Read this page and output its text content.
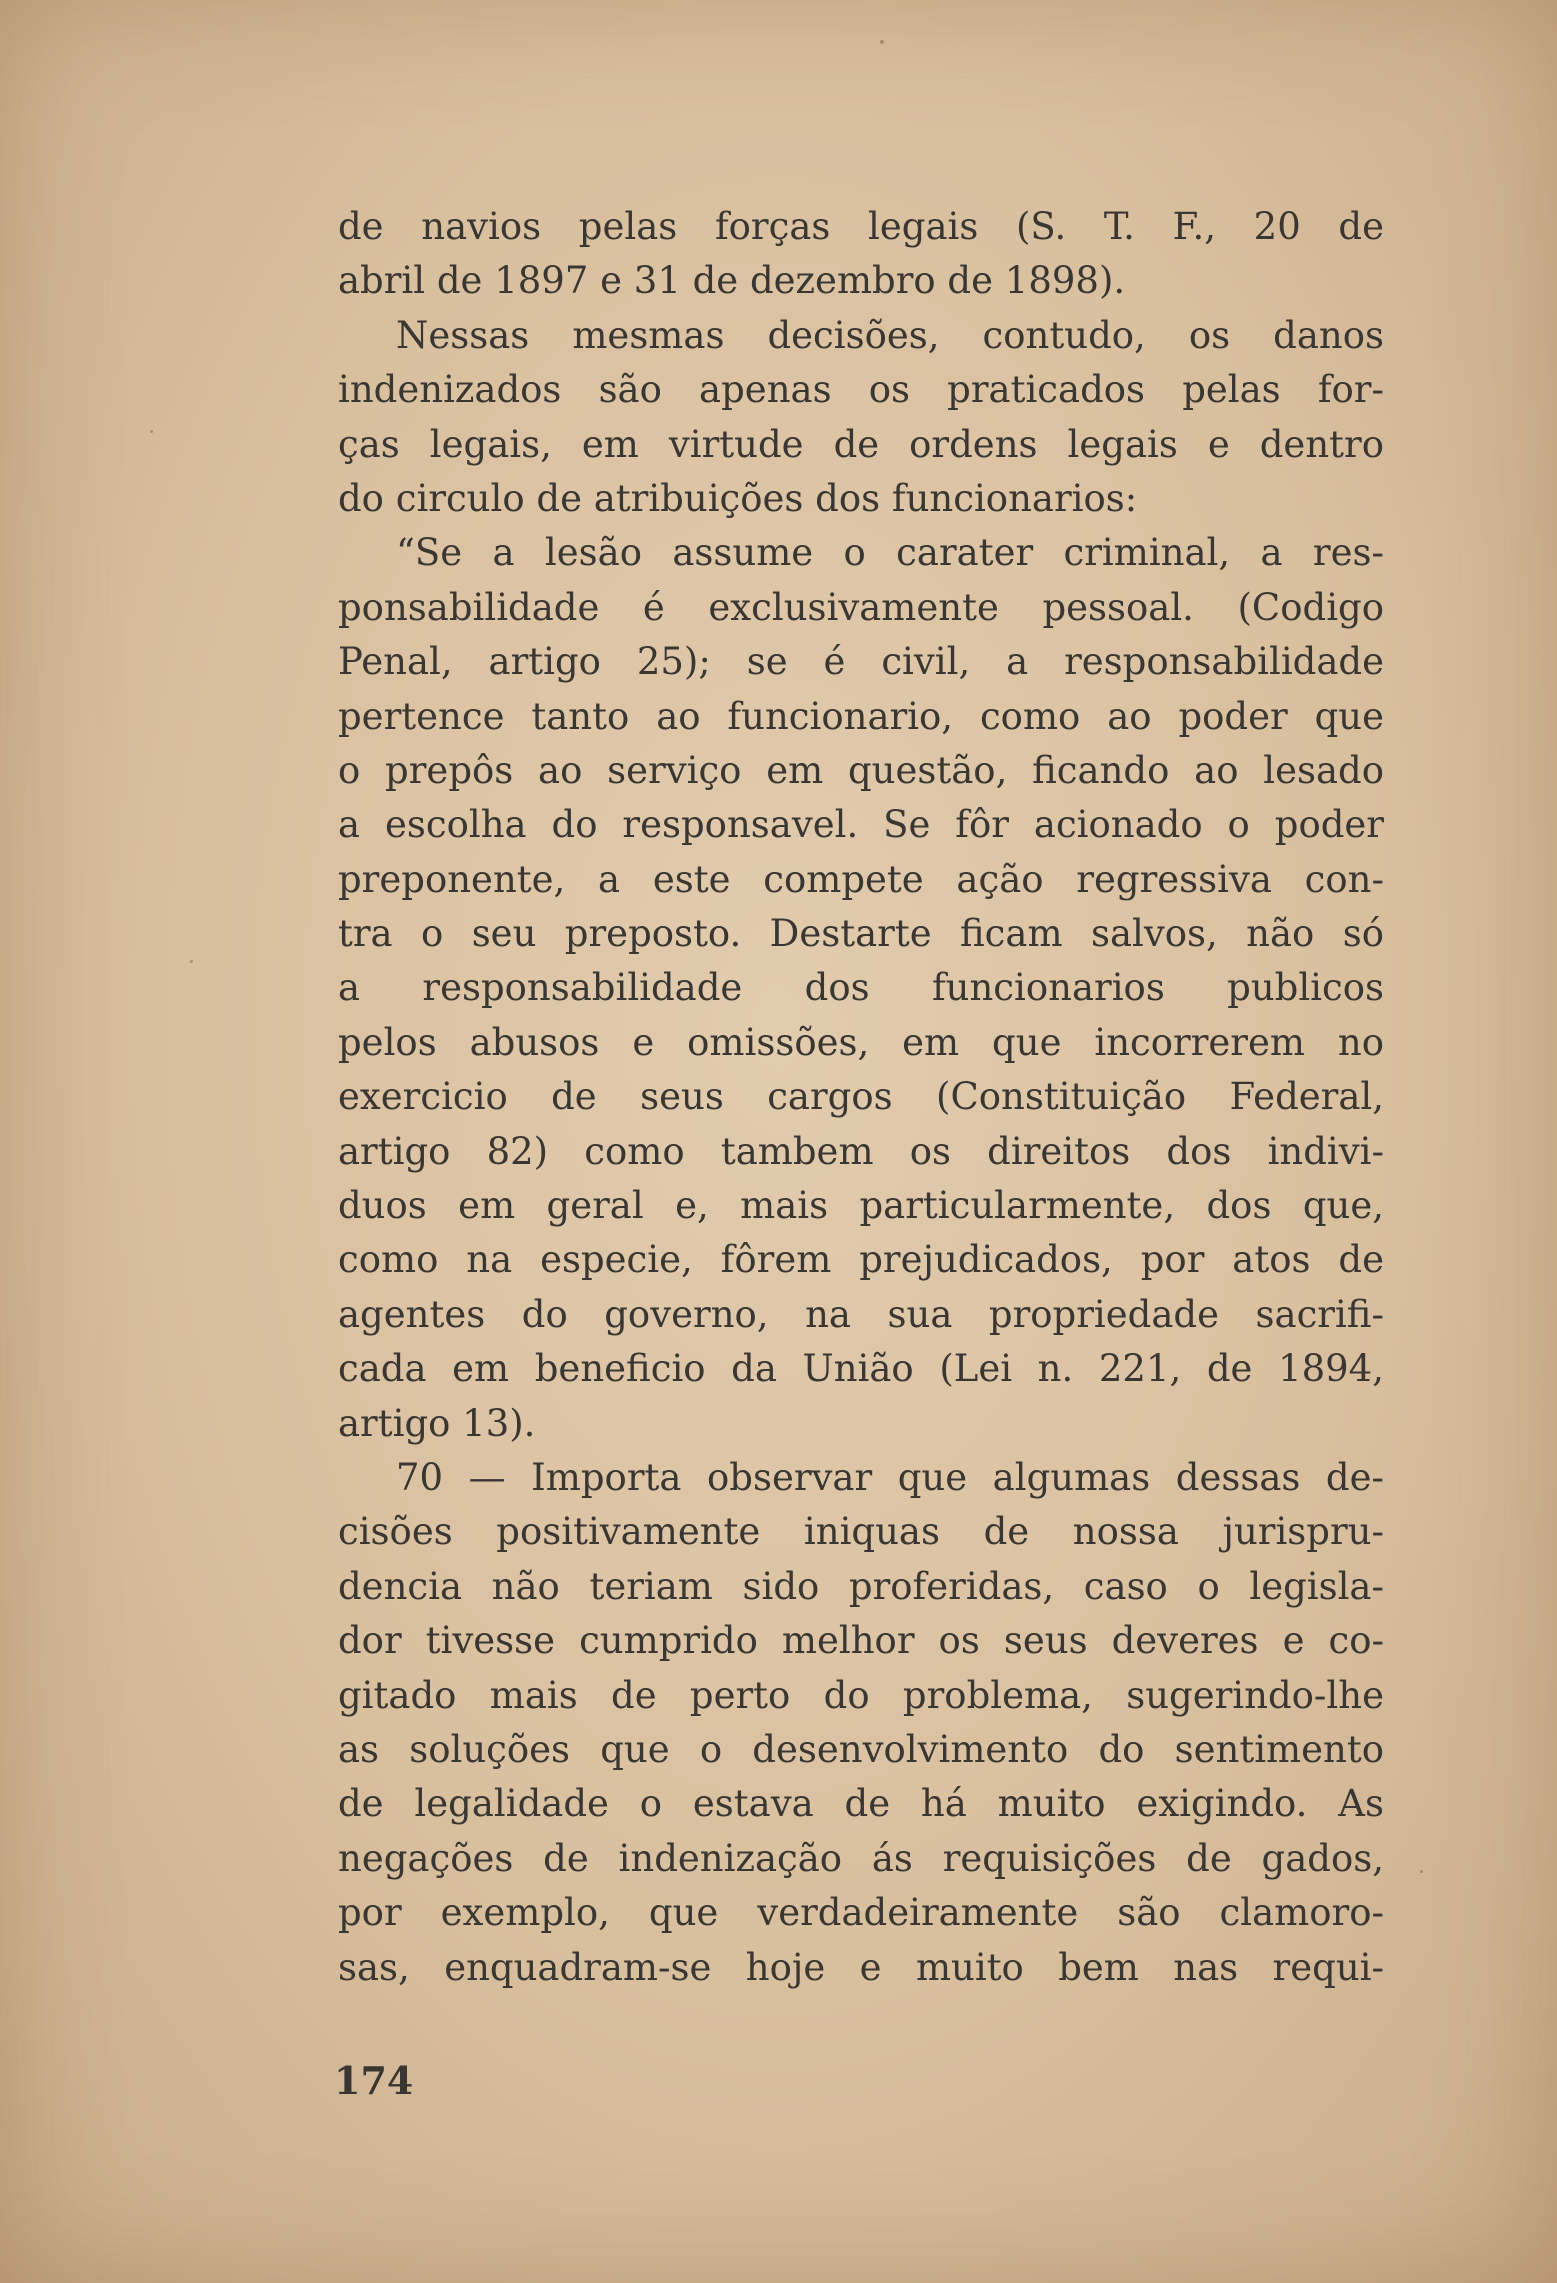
de navios pelas forças legais (S. T. F., 20 de
abril de 1897 e 31 de dezembro de 1898).
Nessas mesmas decisões, contudo, os danos
indenizados são apenas os praticados pelas for-
ças legais, em virtude de ordens legais e dentro
do circulo de atribuições dos funcionarios:
“Se a lesão assume o carater criminal, a res-
ponsabilidade é exclusivamente pessoal. (Codigo
Penal, artigo 25); se é civil, a responsabilidade
pertence tanto ao funcionario, como ao poder que
o prepôs ao serviço em questão, ficando ao lesado
a escolha do responsavel. Se fôr acionado o poder
preponente, a este compete ação regressiva con-
tra o seu preposto. Destarte ficam salvos, não só
a responsabilidade dos funcionarios publicos
pelos abusos e omissões, em que incorrerem no
exercicio de seus cargos (Constituição Federal,
artigo 82) como tambem os direitos dos indivi-
duos em geral e, mais particularmente, dos que,
como na especie, fôrem prejudicados, por atos de
agentes do governo, na sua propriedade sacrifi-
cada em beneficio da União (Lei n. 221, de 1894,
artigo 13).
70 — Importa observar que algumas dessas de-
cisões positivamente iniquas de nossa jurispru-
dencia não teriam sido proferidas, caso o legisla-
dor tivesse cumprido melhor os seus deveres e co-
gitado mais de perto do problema, sugerindo-lhe
as soluções que o desenvolvimento do sentimento
de legalidade o estava de há muito exigindo. As
negações de indenização ás requisições de gados,
por exemplo, que verdadeiramente são clamoro-
sas, enquadram-se hoje e muito bem nas requi-
174
